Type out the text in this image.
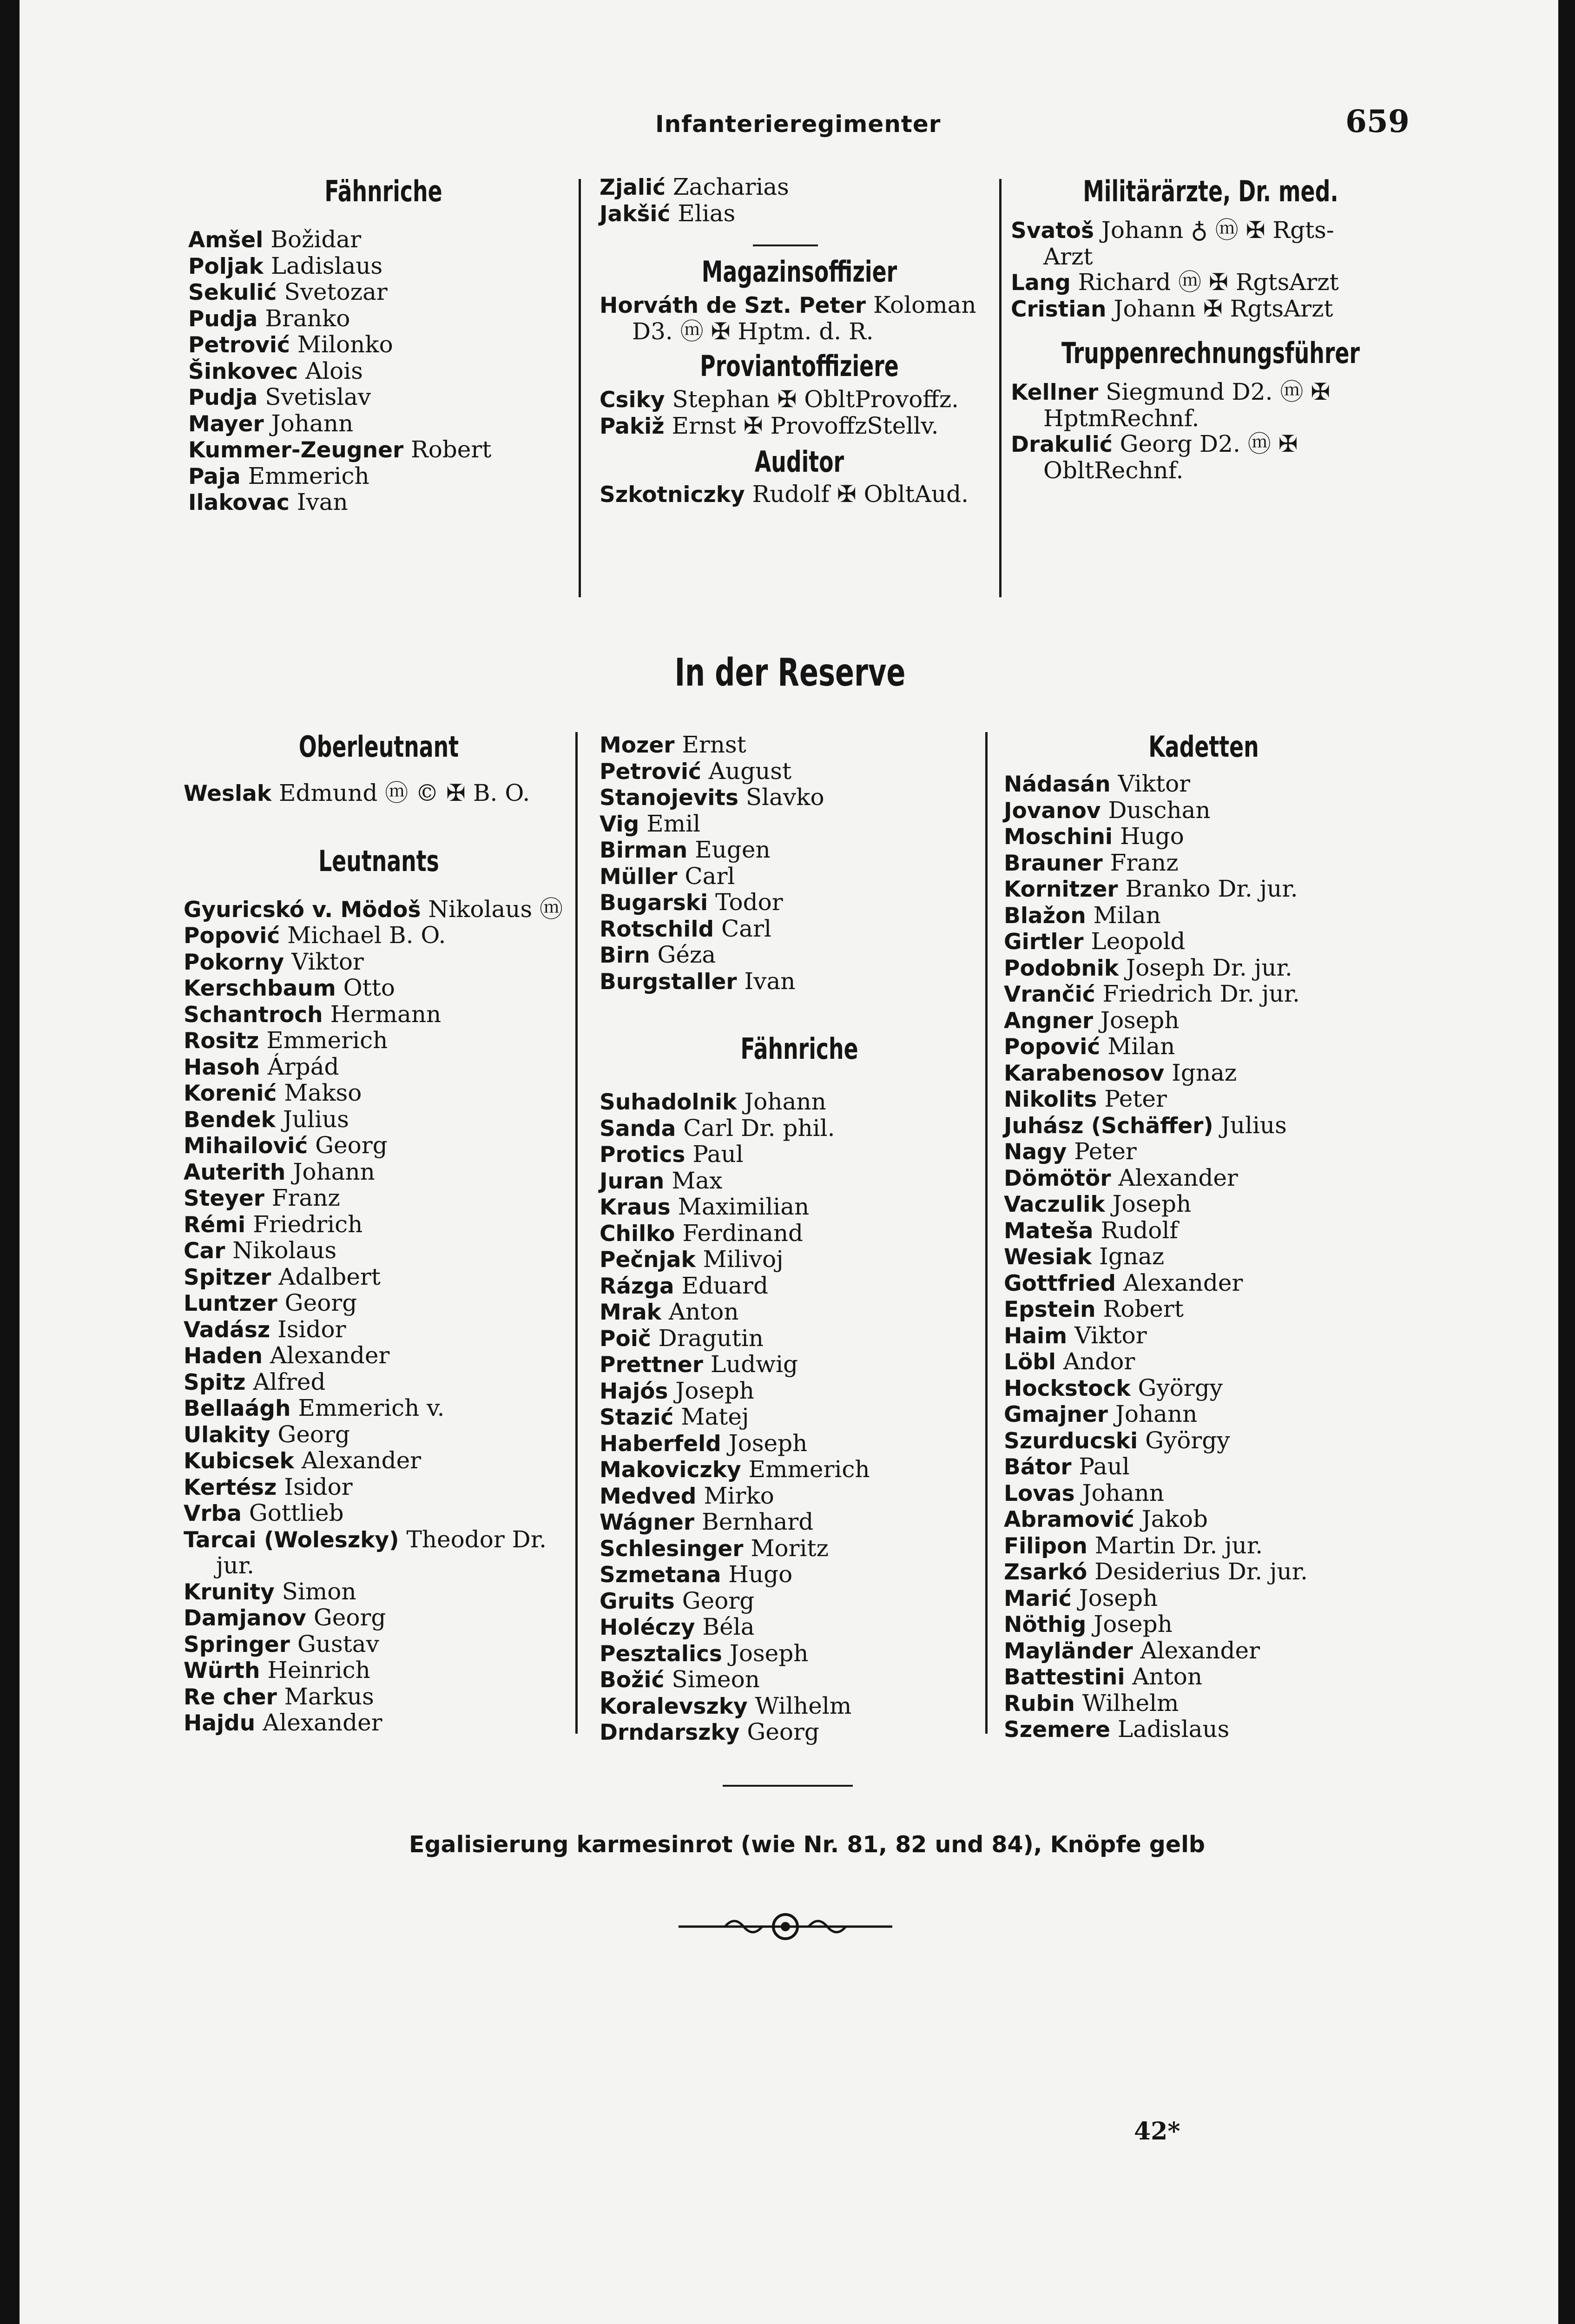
Infanterieregimenter	659
Fähnriche
Amšel Božidar
Poljak Ladislaus
Sekulić Svetozar
Pudja Branko
Petrović Milonko
Šinkovec Alois
Pudja Svetislav
Mayer Johann
Kummer-Zeugner Robert
Paja Emmerich
Ilakovac Ivan
Zjalić Zacharias
Jakšić Elias
Magazinsoffizier
Horváth de Szt. Peter Koloman
D3. ⓜ ✠ Hptm. d. R.
Proviantoffiziere
Csiky Stephan ✠ ObltProvoffz.
Pakiž Ernst ✠ ProvoffzStellv.
Auditor
Szkotniczky Rudolf ✠ ObltAud.
Militärärzte, Dr. med.
Svatoš Johann ♁ ⓜ ✠ Rgts-
Arzt
Lang Richard ⓜ ✠ RgtsArzt
Cristian Johann ✠ RgtsArzt
Truppenrechnungsführer
Kellner Siegmund D2. ⓜ ✠
HptmRechnf.
Drakulić Georg D2. ⓜ ✠
ObltRechnf.
In der Reserve
Oberleutnant
Weslak Edmund ⓜ © ✠ B. O.
Leutnants
Gyuricskó v. Mödoš Nikolaus ⓜ
Popović Michael B. O.
Pokorny Viktor
Kerschbaum Otto
Schantroch Hermann
Rositz Emmerich
Hasoh Árpád
Korenić Makso
Bendek Julius
Mihailović Georg
Auterith Johann
Steyer Franz
Rémi Friedrich
Car Nikolaus
Spitzer Adalbert
Luntzer Georg
Vadász Isidor
Haden Alexander
Spitz Alfred
Bellaágh Emmerich v.
Ulakity Georg
Kubicsek Alexander
Kertész Isidor
Vrba Gottlieb
Tarcai (Woleszky) Theodor Dr.
jur.
Krunity Simon
Damjanov Georg
Springer Gustav
Würth Heinrich
Re cher Markus
Hajdu Alexander
Mozer Ernst
Petrović August
Stanojevits Slavko
Vig Emil
Birman Eugen
Müller Carl
Bugarski Todor
Rotschild Carl
Birn Géza
Burgstaller Ivan
Fähnriche
Suhadolnik Johann
Sanda Carl Dr. phil.
Protics Paul
Juran Max
Kraus Maximilian
Chilko Ferdinand
Pečnjak Milivoj
Rázga Eduard
Mrak Anton
Poič Dragutin
Prettner Ludwig
Hajós Joseph
Stazić Matej
Haberfeld Joseph
Makoviczky Emmerich
Medved Mirko
Wágner Bernhard
Schlesinger Moritz
Szmetana Hugo
Gruits Georg
Holéczy Béla
Pesztalics Joseph
Božić Simeon
Koralevszky Wilhelm
Drndarszky Georg
Kadetten
Nádasán Viktor
Jovanov Duschan
Moschini Hugo
Brauner Franz
Kornitzer Branko Dr. jur.
Blažon Milan
Girtler Leopold
Podobnik Joseph Dr. jur.
Vrančić Friedrich Dr. jur.
Angner Joseph
Popović Milan
Karabenosov Ignaz
Nikolits Peter
Juhász (Schäffer) Julius
Nagy Peter
Dömötör Alexander
Vaczulik Joseph
Mateša Rudolf
Wesiak Ignaz
Gottfried Alexander
Epstein Robert
Haim Viktor
Löbl Andor
Hockstock György
Gmajner Johann
Szurducski György
Bátor Paul
Lovas Johann
Abramović Jakob
Filipon Martin Dr. jur.
Zsarkó Desiderius Dr. jur.
Marić Joseph
Nöthig Joseph
Mayländer Alexander
Battestini Anton
Rubin Wilhelm
Szemere Ladislaus
Egalisierung karmesinrot (wie Nr. 81, 82 und 84), Knöpfe gelb
42*
